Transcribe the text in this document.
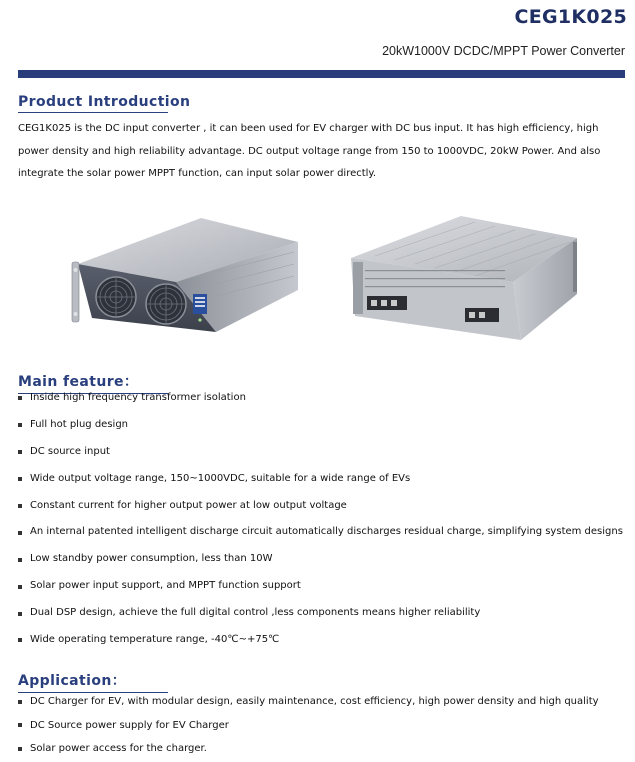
CEG1K025
20kW1000V DCDC/MPPT Power Converter
Product Introduction

CEG1K025 is the DC input converter , it can been used for EV charger with DC bus input. It has high efficiency, high power density and high reliability advantage. DC output voltage range from 150 to 1000VDC, 20kW Power. And also integrate the solar power MPPT function, can input solar power directly.

Main feature：
Inside high frequency transformer isolation
Full hot plug design
DC source input
Wide output voltage range, 150~1000VDC, suitable for a wide range of EVs
Constant current for higher output power at low output voltage
An internal patented intelligent discharge circuit automatically discharges residual charge, simplifying system designs
Low standby power consumption, less than 10W
Solar power input support, and MPPT function support
Dual DSP design, achieve the full digital control ,less components means higher reliability
Wide operating temperature range, -40℃~+75℃
Application：
DC Charger for EV, with modular design, easily maintenance, cost efficiency, high power density and high quality
DC Source power supply for EV Charger
Solar power access for the charger.
